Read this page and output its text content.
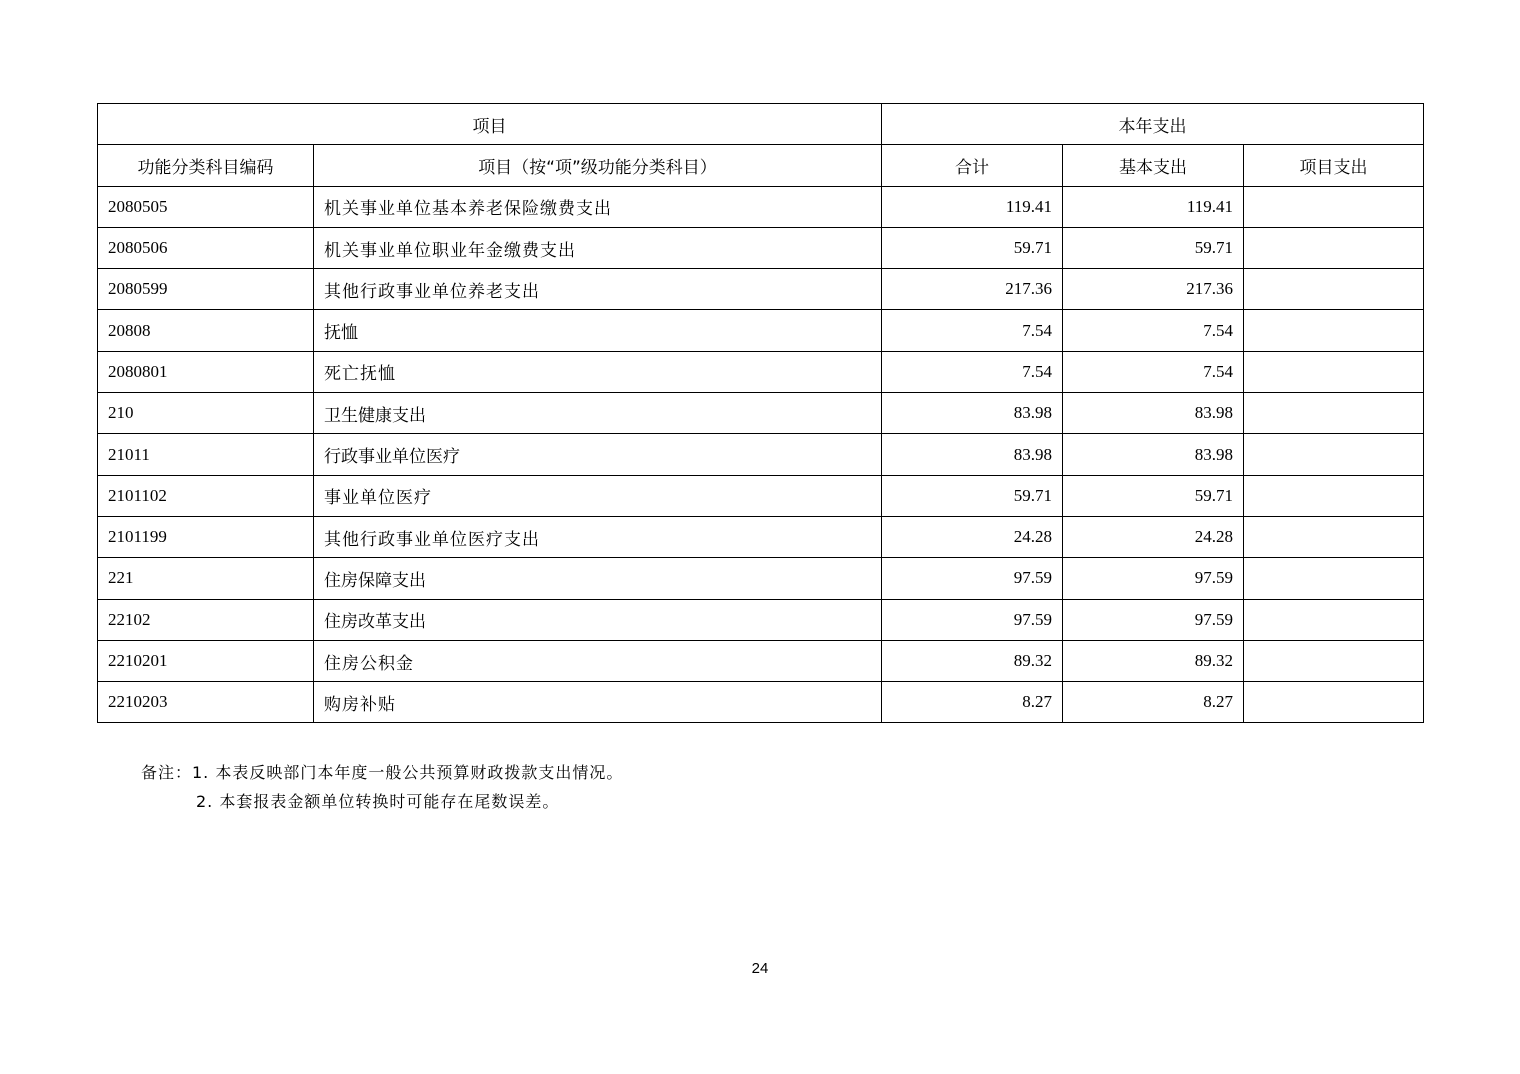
项目		本年支出		
功能分类科目编码	项目（按“项”级功能分类科目）	合计	基本支出	项目支出
2080505	机关事业单位基本养老保险缴费支出	119.41	119.41	
2080506	机关事业单位职业年金缴费支出	59.71	59.71	
2080599	其他行政事业单位养老支出	217.36	217.36	
20808	抚恤	7.54	7.54	
2080801	死亡抚恤	7.54	7.54	
210	卫生健康支出	83.98	83.98	
21011	行政事业单位医疗	83.98	83.98	
2101102	事业单位医疗	59.71	59.71	
2101199	其他行政事业单位医疗支出	24.28	24.28	
221	住房保障支出	97.59	97.59	
22102	住房改革支出	97.59	97.59	
2210201	住房公积金	89.32	89.32	
2210203	购房补贴	8.27	8.27	
备注：1. 本表反映部门本年度一般公共预算财政拨款支出情况。
2. 本套报表金额单位转换时可能存在尾数误差。
24
